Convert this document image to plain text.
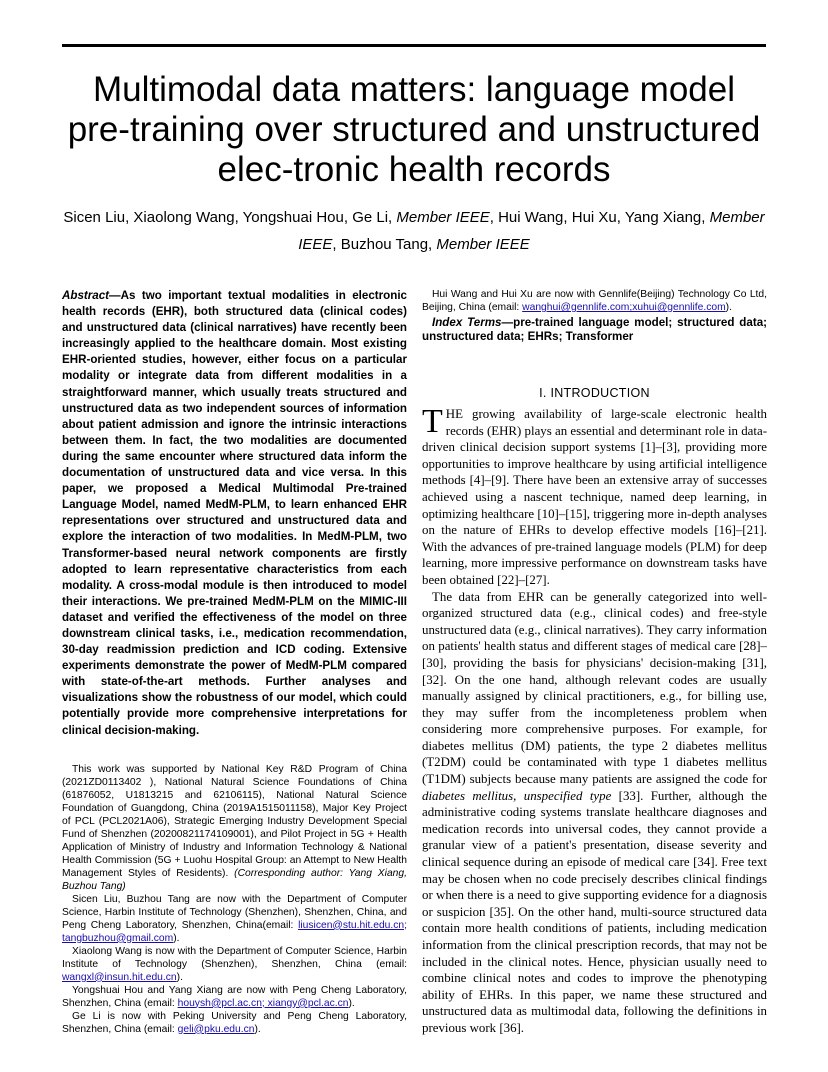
Multimodal data matters: language model pre-training over structured and unstructured elec-tronic health records
Sicen Liu, Xiaolong Wang, Yongshuai Hou, Ge Li, Member IEEE, Hui Wang, Hui Xu, Yang Xiang, Member
IEEE, Buzhou Tang, Member IEEE

Abstract—As two important textual modalities in electronic health records (EHR), both structured data (clinical codes) and unstructured data (clinical narratives) have recently been increasingly applied to the healthcare domain. Most existing EHR-oriented studies, however, either focus on a particular modality or integrate data from different modalities in a straightforward manner, which usually treats structured and unstructured data as two independent sources of information about patient admission and ignore the intrinsic interactions between them. In fact, the two modalities are documented during the same encounter where structured data inform the documentation of unstructured data and vice versa. In this paper, we proposed a Medical Multimodal Pre-trained Language Model, named MedM-PLM, to learn enhanced EHR representations over structured and unstructured data and explore the interaction of two modalities. In MedM-PLM, two Transformer-based neural network components are firstly adopted to learn representative characteristics from each modality. A cross-modal module is then introduced to model their interactions. We pre-trained MedM-PLM on the MIMIC-III dataset and verified the effectiveness of the model on three downstream clinical tasks, i.e., medication recommendation, 30-day readmission prediction and ICD coding. Extensive experiments demonstrate the power of MedM-PLM compared with state-of-the-art methods. Further analyses and visualizations show the robustness of our model, which could potentially provide more comprehensive interpretations for clinical decision-making.

This work was supported by National Key R&D Program of China (2021ZD0113402 ), National Natural Science Foundations of China (61876052, U1813215 and 62106115), National Natural Science Foundation of Guangdong, China (2019A1515011158), Major Key Project of PCL (PCL2021A06), Strategic Emerging Industry Development Special Fund of Shenzhen (20200821174109001), and Pilot Project in 5G + Health Application of Ministry of Industry and Information Technology & National Health Commission (5G + Luohu Hospital Group: an Attempt to New Health Management Styles of Residents). (Corresponding author: Yang Xiang, Buzhou Tang)

Sicen Liu, Buzhou Tang are now with the Department of Computer Science, Harbin Institute of Technology (Shenzhen), Shenzhen, China, and Peng Cheng Laboratory, Shenzhen, China(email: liusicen@stu.hit.edu.cn; tangbuzhou@gmail.com).

Xiaolong Wang is now with the Department of Computer Science, Harbin Institute of Technology (Shenzhen), Shenzhen, China (email: wangxl@insun.hit.edu.cn).

Yongshuai Hou and Yang Xiang are now with Peng Cheng Laboratory, Shenzhen, China (email: houysh@pcl.ac.cn; xiangy@pcl.ac.cn).

Ge Li is now with Peking University and Peng Cheng Laboratory, Shenzhen, China (email: geli@pku.edu.cn).

Hui Wang and Hui Xu are now with Gennlife(Beijing) Technology Co Ltd, Beijing, China (email: wanghui@gennlife.com;xuhui@gennlife.com).

Index Terms—pre-trained language model; structured data; unstructured data; EHRs; Transformer

I. INTRODUCTION

THE growing availability of large-scale electronic health records (EHR) plays an essential and determinant role in data-driven clinical decision support systems [1]–[3], providing more opportunities to improve healthcare by using artificial intelligence methods [4]–[9]. There have been an extensive array of successes achieved using a nascent technique, named deep learning, in optimizing healthcare [10]–[15], triggering more in-depth analyses on the nature of EHRs to develop effective models [16]–[21]. With the advances of pre-trained language models (PLM) for deep learning, more impressive performance on downstream tasks have been obtained [22]–[27].

The data from EHR can be generally categorized into well-organized structured data (e.g., clinical codes) and free-style unstructured data (e.g., clinical narratives). They carry information on patients' health status and different stages of medical care [28]–[30], providing the basis for physicians' decision-making [31], [32]. On the one hand, although relevant codes are usually manually assigned by clinical practitioners, e.g., for billing use, they may suffer from the incompleteness problem when considering more comprehensive purposes. For example, for diabetes mellitus (DM) patients, the type 2 diabetes mellitus (T2DM) could be contaminated with type 1 diabetes mellitus (T1DM) subjects because many patients are assigned the code for diabetes mellitus, unspecified type [33]. Further, although the administrative coding systems translate healthcare diagnoses and medication records into universal codes, they cannot provide a granular view of a patient's presentation, disease severity and clinical sequence during an episode of medical care [34]. Free text may be chosen when no code precisely describes clinical findings or when there is a need to give supporting evidence for a diagnosis or suspicion [35]. On the other hand, multi-source structured data contain more health conditions of patients, including medication information from the clinical prescription records, that may not be included in the clinical notes. Hence, physician usually need to combine clinical notes and codes to improve the phenotyping ability of EHRs. In this paper, we name these structured and unstructured data as multimodal data, following the definitions in previous work [36].
